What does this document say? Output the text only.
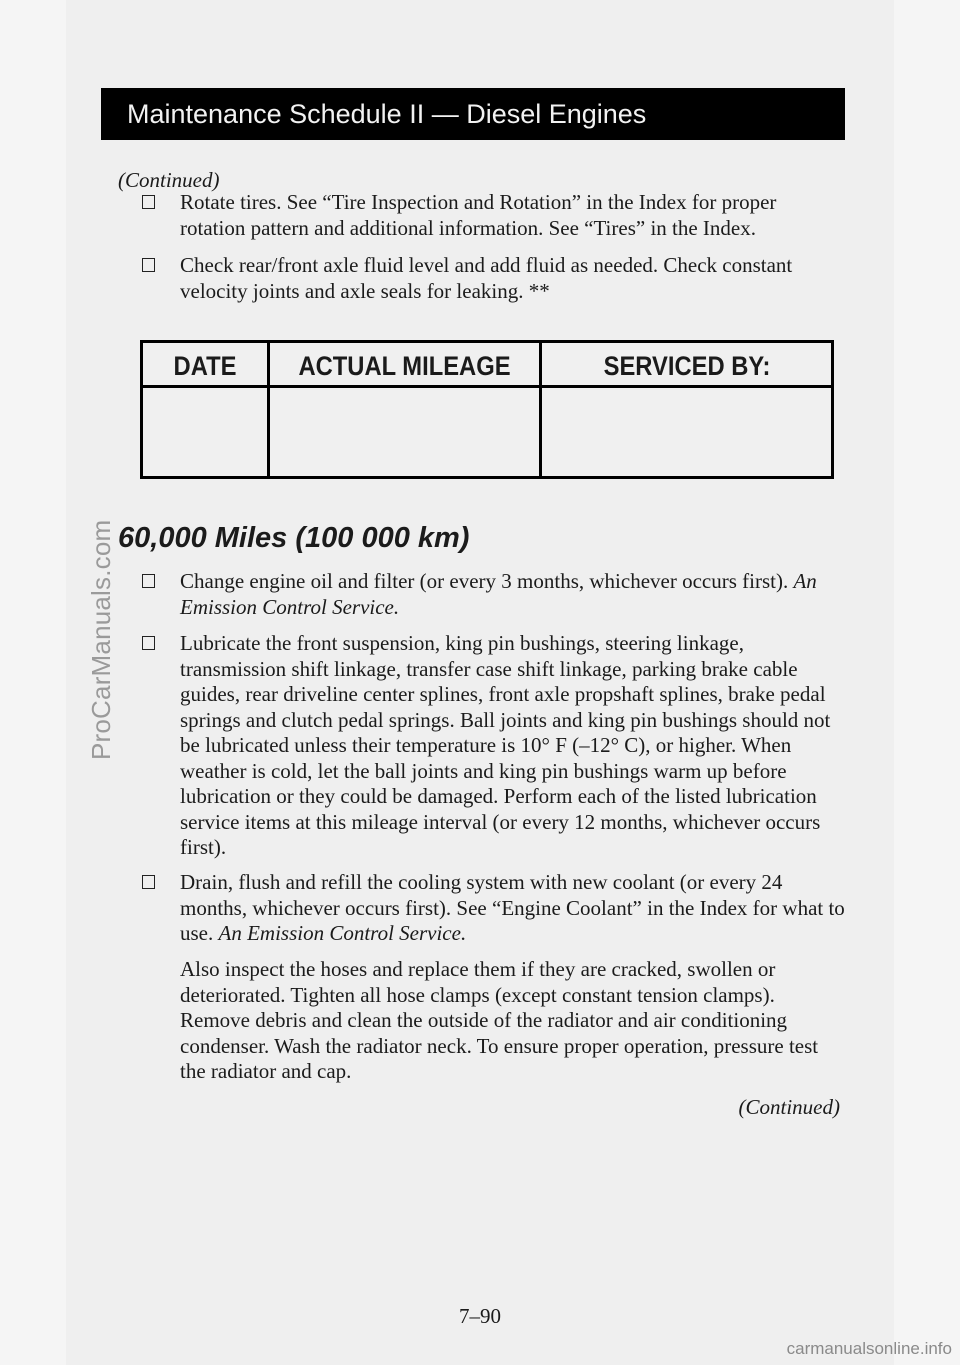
ProCarManuals.com
Maintenance Schedule II — Diesel Engines
(Continued)
Rotate tires. See “Tire Inspection and Rotation” in the Index for proper rotation pattern and additional information. See “Tires” in the Index.
Check rear/front axle fluid level and add fluid as needed. Check constant velocity joints and axle seals for leaking. **
DATE	ACTUAL MILEAGE	SERVICED BY:
60,000 Miles (100 000 km)
Change engine oil and filter (or every 3 months, whichever occurs first). An Emission Control Service.
Lubricate the front suspension, king pin bushings, steering linkage, transmission shift linkage, transfer case shift linkage, parking brake cable guides, rear driveline center splines, front axle propshaft splines, brake pedal springs and clutch pedal springs. Ball joints and king pin bushings should not be lubricated unless their temperature is 10° F (–12° C), or higher. When weather is cold, let the ball joints and king pin bushings warm up before lubrication or they could be damaged. Perform each of the listed lubrication service items at this mileage interval (or every 12 months, whichever occurs first).
Drain, flush and refill the cooling system with new coolant (or every 24 months, whichever occurs first). See “Engine Coolant” in the Index for what to use. An Emission Control Service.
Also inspect the hoses and replace them if they are cracked, swollen or deteriorated. Tighten all hose clamps (except constant tension clamps). Remove debris and clean the outside of the radiator and air conditioning condenser. Wash the radiator neck. To ensure proper operation, pressure test the radiator and cap.
(Continued)
7–90
carmanualsonline.info
